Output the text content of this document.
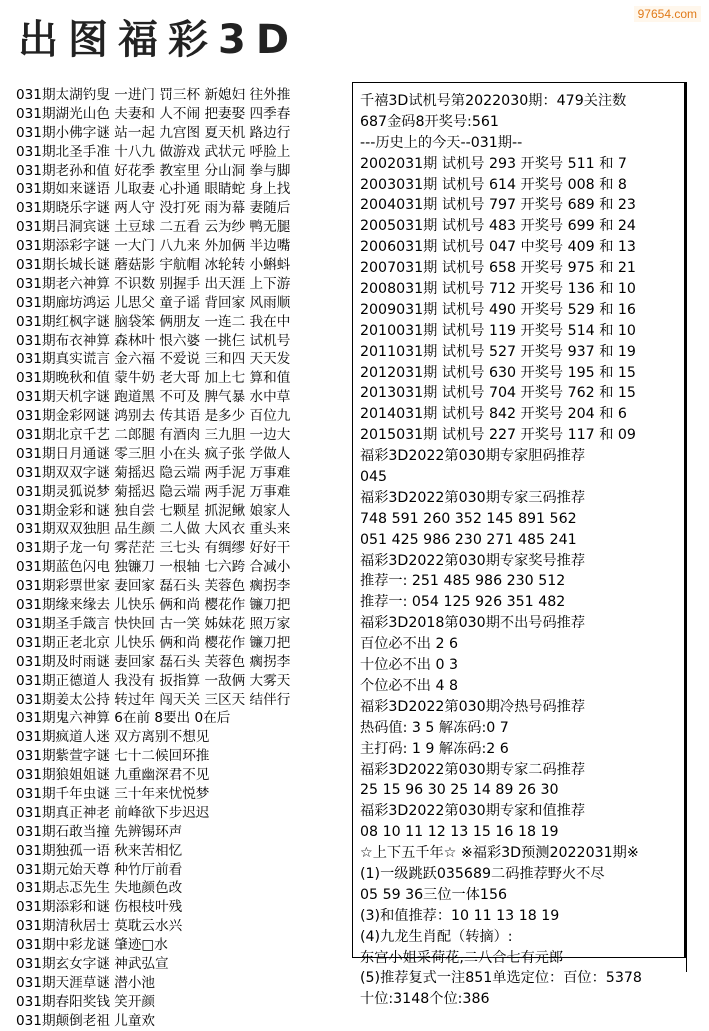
97654.com
出图福彩3D
031期太湖钓叟 一进门 罚三杯 新媳妇 往外推
031期湖光山色 夫妻和 人不闹 把妻娶 四季春
031期小佛字谜 站一起 九宫图 夏天机 路边行
031期北圣手准 十八九 做游戏 武状元 呼脸上
031期老孙和值 好花季 教室里 分山洞 拳与脚
031期如来谜语 儿取妻 心扑通 眼睛蛇 身上找
031期晓乐字谜 两人守 没打死 雨为幕 妻随后
031期吕洞宾谜 土豆球 二五看 云为纱 鸭无腿
031期添彩字谜 一大门 八九来 外加俩 半边嘴
031期长城长谜 蘑菇影 宇航帽 冰轮转 小蝌蚪
031期老六神算 不识数 别握手 出天涯 上下游
031期廊坊鸿运 儿思父 童子谣 背回家 风雨顺
031期红枫字谜 脑袋笨 俩朋友 一连二 我在中
031期布衣神算 森林叶 恨六婆 一挑仨 试机号
031期真实谎言 金六福 不爱说 三和四 天天发
031期晚秋和值 蒙牛奶 老大哥 加上七 算和值
031期天机字谜 跑道黑 不可及 脾气暴 水中草
031期金彩网谜 鸿别去 传其语 是多少 百位九
031期北京千艺 二郎腿 有酒肉 三九胆 一边大
031期日月通谜 零三胆 小在头 疯子张 学做人
031期双双字谜 菊摇迟 隐云端 两手泥 万事难
031期灵狐说梦 菊摇迟 隐云端 两手泥 万事难
031期金彩和谜 独自尝 七颗星 抓泥鳅 娘家人
031期双双独胆 品生颜 二人做 大风衣 重头来
031期子龙一句 雾茫茫 三七头 有绸缪 好好干
031期蓝色闪电 独镰刀 一根轴 七六跨 合减小
031期彩票世家 妻回家 磊石头 芙蓉色 瘸拐李
031期缘来缘去 儿快乐 俩和尚 樱花作 镰刀把
031期圣手箴言 快快回 古一笑 姊妹花 照万家
031期正老北京 儿快乐 俩和尚 樱花作 镰刀把
031期及时雨谜 妻回家 磊石头 芙蓉色 瘸拐李
031期正德道人 我没有 扳指算 一敌俩 大雾天
031期姜太公持 转过年 闯天关 三区天 结伴行
031期鬼六神算 6在前 8要出 0在后
031期疯道人迷 双方离别不想见
031期紫萱字谜 七十二候回环推
031期狼姐姐谜 九重幽深君不见
031期千年虫谜 三十年来忧悦梦
031期真正神老 前峰欲下步迟迟
031期石敢当撞 先辨锡环声
031期独孤一语 秋来苦相忆
031期元始天尊 种竹厅前看
031期忐忑先生 失地颜色改
031期添彩和谜 伤根枝叶残
031期清秋居士 莫耽云水兴
031期中彩龙谜 肇迹□水
031期玄女字谜 神武弘宣
031期天涯草谜 潜小池
031期春阳奖钱 笑开颜
031期颠倒老祖 儿童欢
千禧3D试机号第2022030期：479关注数
687金码8开奖号:561
---历史上的今天--031期--
2002031期 试机号 293 开奖号 511 和 7
2003031期 试机号 614 开奖号 008 和 8
2004031期 试机号 797 开奖号 689 和 23
2005031期 试机号 483 开奖号 699 和 24
2006031期 试机号 047 中奖号 409 和 13
2007031期 试机号 658 开奖号 975 和 21
2008031期 试机号 712 开奖号 136 和 10
2009031期 试机号 490 开奖号 529 和 16
2010031期 试机号 119 开奖号 514 和 10
2011031期 试机号 527 开奖号 937 和 19
2012031期 试机号 630 开奖号 195 和 15
2013031期 试机号 704 开奖号 762 和 15
2014031期 试机号 842 开奖号 204 和 6
2015031期 试机号 227 开奖号 117 和 09
福彩3D2022第030期专家胆码推荐
045
福彩3D2022第030期专家三码推荐
748 591 260 352 145 891 562
051 425 986 230 271 485 241
福彩3D2022第030期专家奖号推荐
推荐一: 251 485 986 230 512
推荐一: 054 125 926 351 482
福彩3D2018第030期不出号码推荐
百位必不出 2 6
十位必不出 0 3
个位必不出 4 8
福彩3D2022第030期冷热号码推荐
热码值: 3 5 解冻码:0 7
主打码: 1 9 解冻码:2 6
福彩3D2022第030期专家二码推荐
25 15 96 30 25 14 89 26 30
福彩3D2022第030期专家和值推荐
08 10 11 12 13 15 16 18 19
☆上下五千年☆ ※福彩3D预测2022031期※
(1)一级跳跃035689二码推荐野火不尽
05 59 36三位一体156
(3)和值推荐：10 11 13 18 19
(4)九龙生肖配（转摘）:
东宫小姐采荷花,二八合七有元郎
(5)推荐复式一注851单选定位：百位：5378
十位:3148个位:386
